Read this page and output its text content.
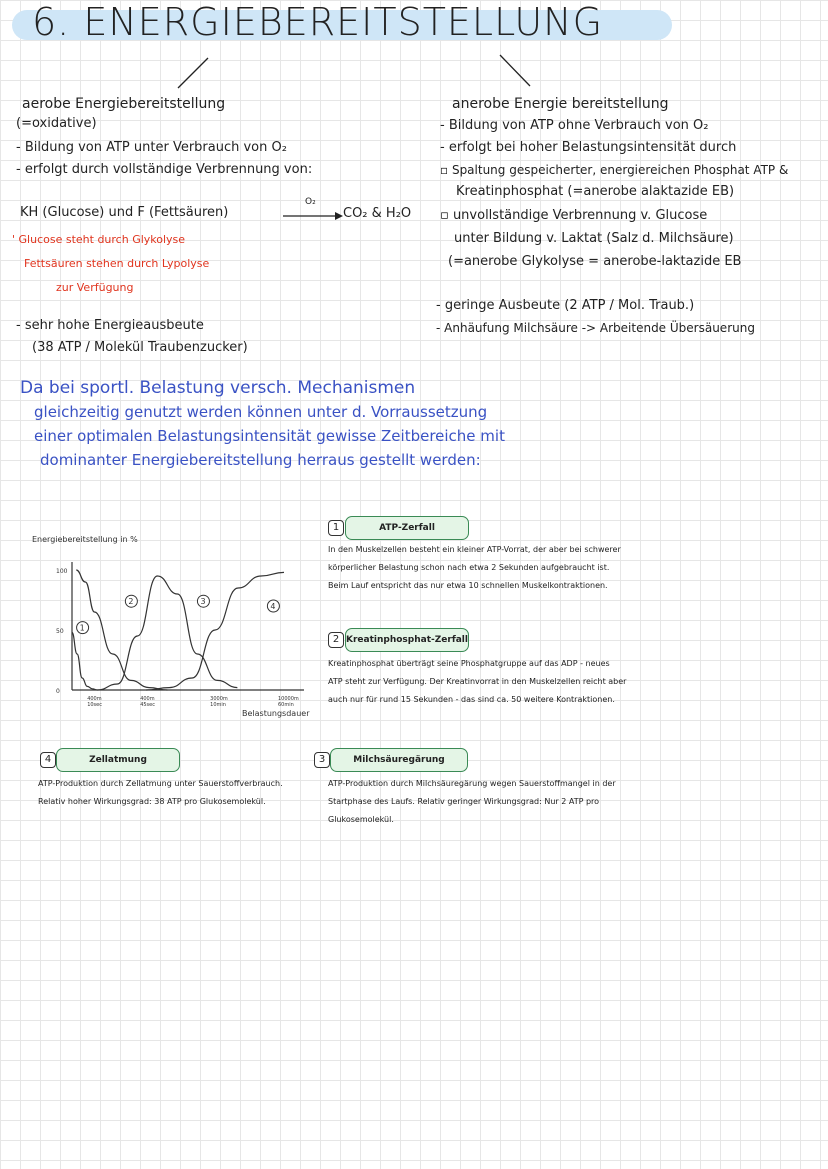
6. ENERGIEBEREITSTELLUNG
aerobe Energiebereitstellung
(=oxidative)
- Bildung von ATP unter Verbrauch von O₂
- erfolgt durch vollständige Verbrennung von:
KH (Glucose) und F (Fettsäuren)
O₂
CO₂ & H₂O
' Glucose steht durch Glykolyse
Fettsäuren stehen durch Lypolyse
zur Verfügung
- sehr hohe Energieausbeute
(38 ATP / Molekül Traubenzucker)
anerobe Energie bereitstellung
- Bildung von ATP ohne Verbrauch von O₂
- erfolgt bei hoher Belastungsintensität durch
▫ Spaltung gespeicherter, energiereichen Phosphat ATP &
Kreatinphosphat (=anerobe alaktazide EB)
▫ unvollständige Verbrennung v. Glucose
unter Bildung v. Laktat (Salz d. Milchsäure)
(=anerobe Glykolyse = anerobe-laktazide EB
- geringe Ausbeute (2 ATP / Mol. Traub.)
- Anhäufung Milchsäure -> Arbeitende Übersäuerung
Da bei sportl. Belastung versch. Mechanismen
gleichzeitig genutzt werden können unter d. Vorraussetzung
einer optimalen Belastungsintensität gewisse Zeitbereiche mit
dominanter Energiebereitstellung herraus gestellt werden:
Energiebereitstellung in %
Belastungsdauer
100
50
0
400m
10sec
400m
45sec
3000m
10min
10000m
60min
1
2	3
4
1	ATP-Zerfall
In den Muskelzellen besteht ein kleiner ATP-Vorrat, der aber bei schwerer
körperlicher Belastung schon nach etwa 2 Sekunden aufgebraucht ist.
Beim Lauf entspricht das nur etwa 10 schnellen Muskelkontraktionen.
2 Kreatinphosphat-Zerfall
Kreatinphosphat überträgt seine Phosphatgruppe auf das ADP - neues
ATP steht zur Verfügung. Der Kreatinvorrat in den Muskelzellen reicht aber
auch nur für rund 15 Sekunden - das sind ca. 50 weitere Kontraktionen.
4	Zellatmung
ATP-Produktion durch Zellatmung unter Sauerstoffverbrauch.
Relativ hoher Wirkungsgrad: 38 ATP pro Glukosemolekül.
3	Milchsäuregärung
ATP-Produktion durch Milchsäuregärung wegen Sauerstoffmangel in der
Startphase des Laufs. Relativ geringer Wirkungsgrad: Nur 2 ATP pro
Glukosemolekül.
